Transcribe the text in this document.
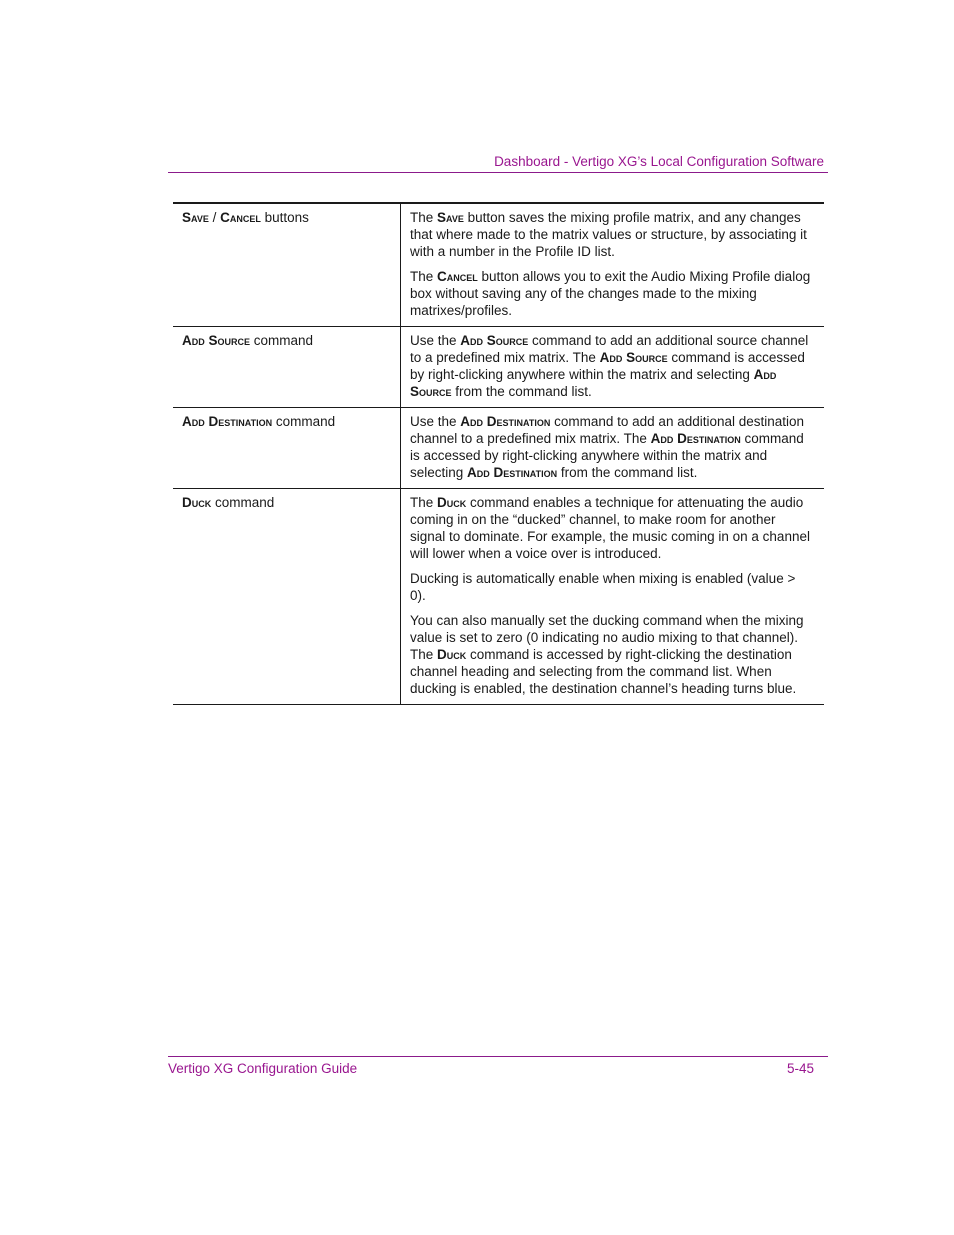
Dashboard - Vertigo XG’s Local Configuration Software
Save / Cancel buttons	The Save button saves the mixing profile matrix, and any changes that where made to the matrix values or structure, by associating it with a number in the Profile ID list.

The Cancel button allows you to exit the Audio Mixing Profile dialog box without saving any of the changes made to the mixing matrixes/profiles.

Add Source command	Use the Add Source command to add an additional source channel to a predefined mix matrix. The Add Source command is accessed by right-clicking anywhere within the matrix and selecting Add Source from the command list.

Add Destination command	Use the Add Destination command to add an additional destination channel to a predefined mix matrix. The Add Destination command is accessed by right-clicking anywhere within the matrix and selecting Add Destination from the command list.

Duck command	The Duck command enables a technique for attenuating the audio coming in on the “ducked” channel, to make room for another signal to dominate. For example, the music coming in on a channel will lower when a voice over is introduced.

Ducking is automatically enable when mixing is enabled (value > 0).

You can also manually set the ducking command when the mixing value is set to zero (0 indicating no audio mixing to that channel). The Duck command is accessed by right-clicking the destination channel heading and selecting from the command list. When ducking is enabled, the destination channel’s heading turns blue.

Vertigo XG Configuration Guide	5-45
